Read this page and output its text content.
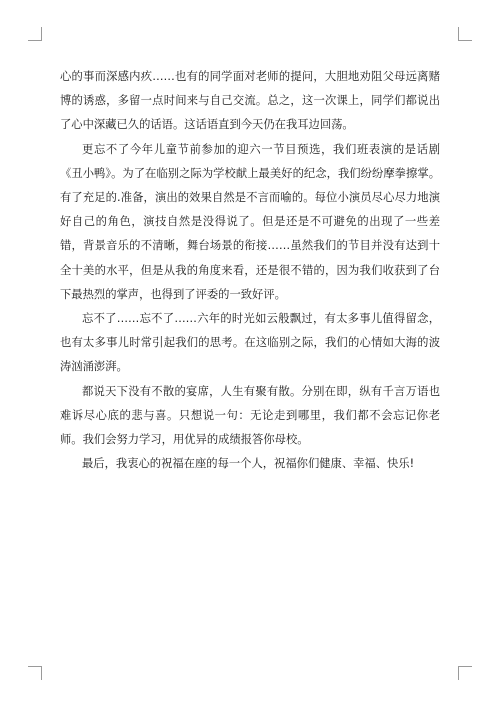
心的事而深感内疚……也有的同学面对老师的提问，大胆地劝阻父母远离赌博的诱惑，多留一点时间来与自己交流。总之，这一次课上，同学们都说出了心中深藏已久的话语。这话语直到今天仍在我耳边回荡。

更忘不了今年儿童节前参加的迎六一节目预选，我们班表演的是话剧《丑小鸭》。为了在临别之际为学校献上最美好的纪念，我们纷纷摩拳擦掌。有了充足的.准备，演出的效果自然是不言而喻的。每位小演员尽心尽力地演好自己的角色，演技自然是没得说了。但是还是不可避免的出现了一些差错，背景音乐的不清晰，舞台场景的衔接……虽然我们的节目并没有达到十全十美的水平，但是从我的角度来看，还是很不错的，因为我们收获到了台下最热烈的掌声，也得到了评委的一致好评。

忘不了……忘不了……六年的时光如云般飘过，有太多事儿值得留念，也有太多事儿时常引起我们的思考。在这临别之际，我们的心情如大海的波涛汹涌澎湃。

都说天下没有不散的宴席，人生有聚有散。分别在即，纵有千言万语也难诉尽心底的悲与喜。只想说一句：无论走到哪里，我们都不会忘记你老师。我们会努力学习，用优异的成绩报答你母校。

最后，我衷心的祝福在座的每一个人，祝福你们健康、幸福、快乐!
